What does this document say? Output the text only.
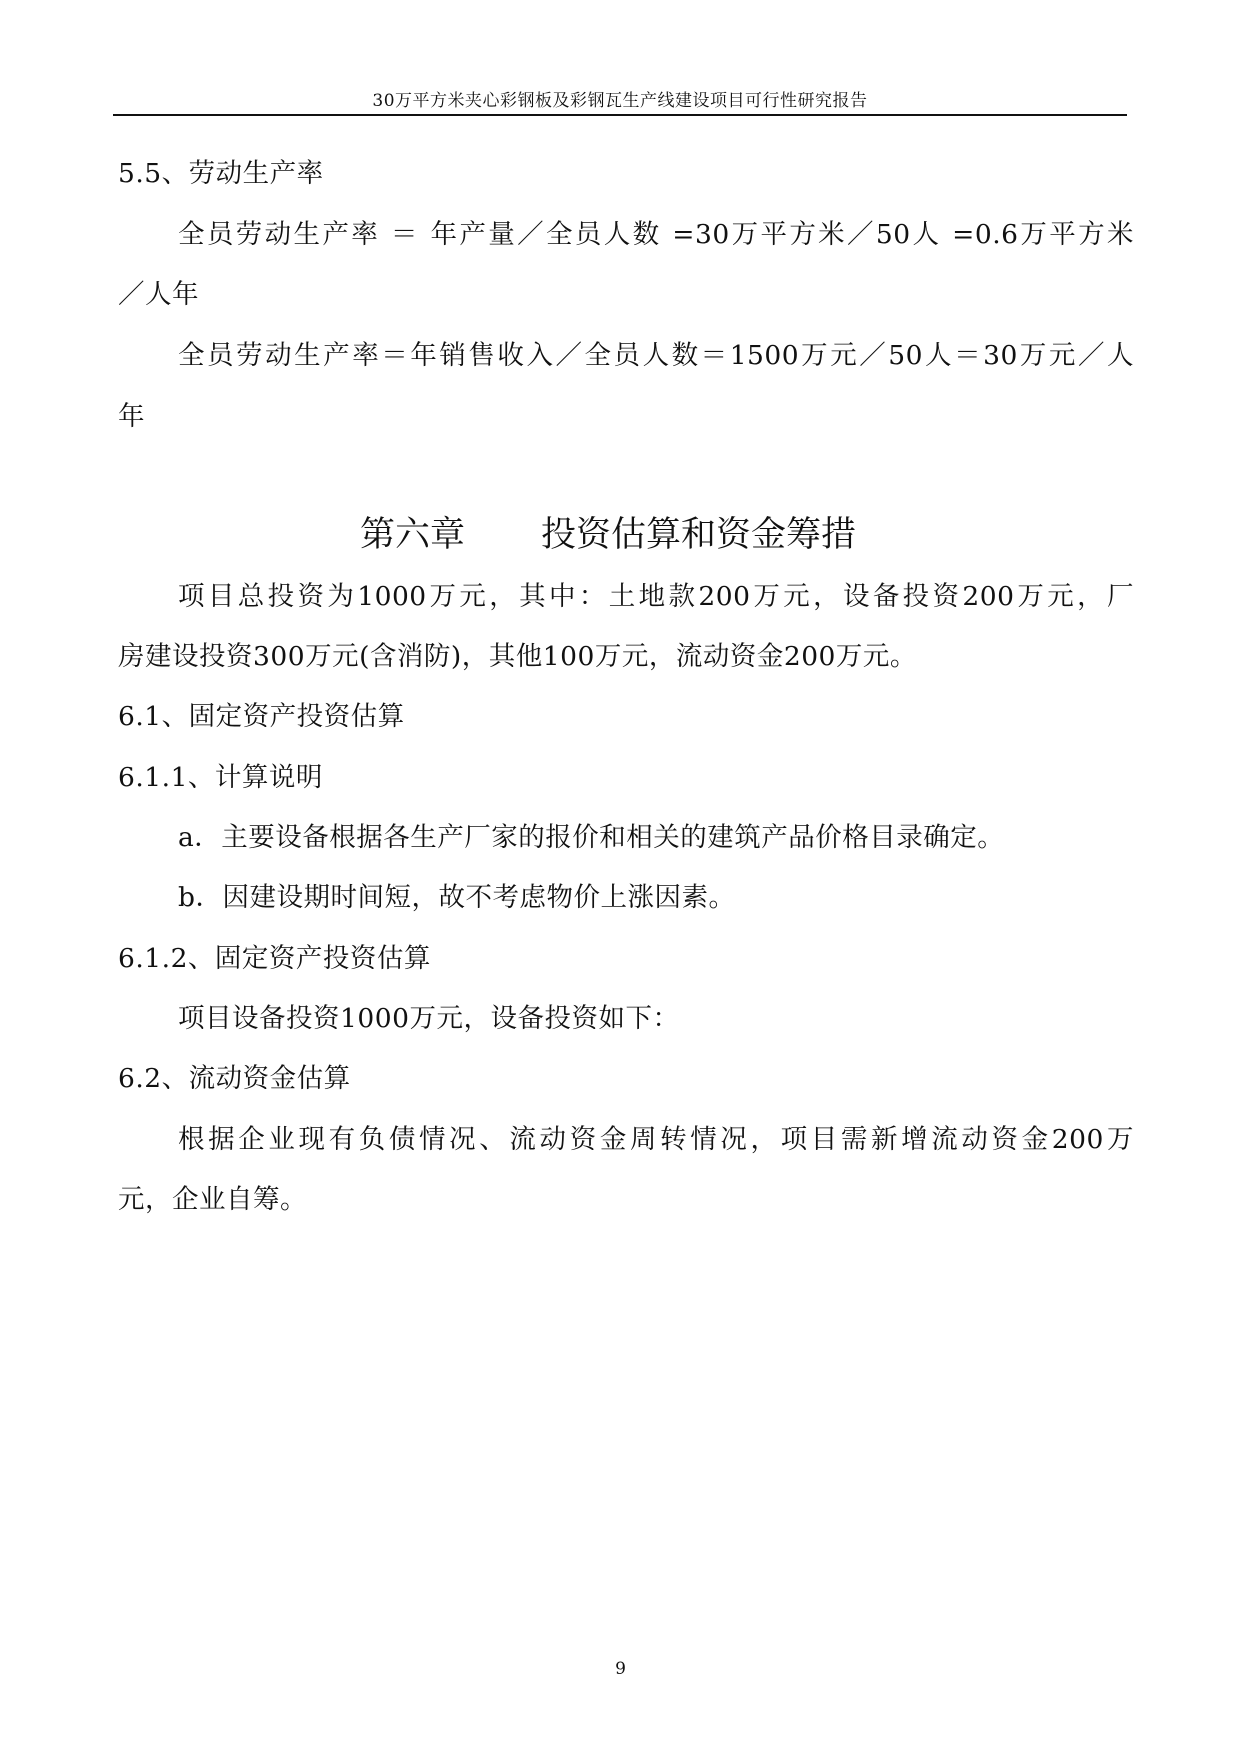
30万平方米夹心彩钢板及彩钢瓦生产线建设项目可行性研究报告
5.5、劳动生产率
全员劳动生产率 ＝ 年产量／全员人数 =30万平方米／50人 =0.6万平方米
／人年
全员劳动生产率＝年销售收入／全员人数＝1500万元／50人＝30万元／人
年
第六章 投资估算和资金筹措
项目总投资为1000万元，其中：土地款200万元，设备投资200万元，厂
房建设投资300万元(含消防)，其他100万元，流动资金200万元。
6.1、固定资产投资估算
6.1.1、计算说明
a．主要设备根据各生产厂家的报价和相关的建筑产品价格目录确定。
b．因建设期时间短，故不考虑物价上涨因素。
6.1.2、固定资产投资估算
项目设备投资1000万元，设备投资如下：
6.2、流动资金估算
根据企业现有负债情况、流动资金周转情况，项目需新增流动资金200万
元，企业自筹。
9
